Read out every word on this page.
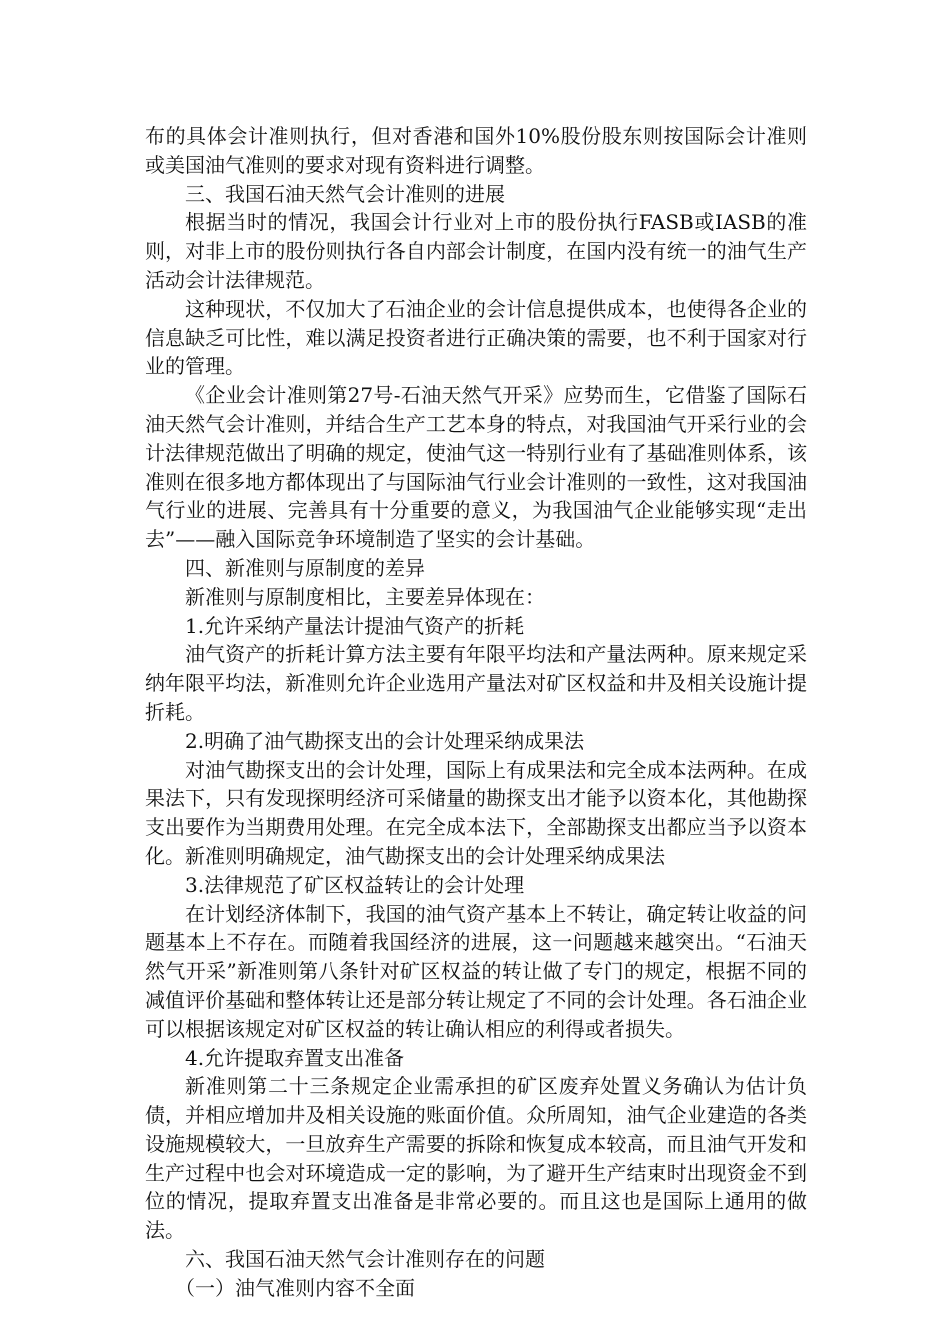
布的具体会计准则执行，但对香港和国外10%股份股东则按国际会计准则或美国油气准则的要求对现有资料进行调整。

三、我国石油天然气会计准则的进展

根据当时的情况，我国会计行业对上市的股份执行FASB或IASB的准则，对非上市的股份则执行各自内部会计制度，在国内没有统一的油气生产活动会计法律规范。

这种现状，不仅加大了石油企业的会计信息提供成本，也使得各企业的信息缺乏可比性，难以满足投资者进行正确决策的需要，也不利于国家对行业的管理。

《企业会计准则第27号-石油天然气开采》应势而生，它借鉴了国际石油天然气会计准则，并结合生产工艺本身的特点，对我国油气开采行业的会计法律规范做出了明确的规定，使油气这一特别行业有了基础准则体系，该准则在很多地方都体现出了与国际油气行业会计准则的一致性，这对我国油气行业的进展、完善具有十分重要的意义，为我国油气企业能够实现“走出去”——融入国际竞争环境制造了坚实的会计基础。

四、新准则与原制度的差异

新准则与原制度相比，主要差异体现在：

1.允许采纳产量法计提油气资产的折耗

油气资产的折耗计算方法主要有年限平均法和产量法两种。原来规定采纳年限平均法，新准则允许企业选用产量法对矿区权益和井及相关设施计提折耗。

2.明确了油气勘探支出的会计处理采纳成果法

对油气勘探支出的会计处理，国际上有成果法和完全成本法两种。在成果法下，只有发现探明经济可采储量的勘探支出才能予以资本化，其他勘探支出要作为当期费用处理。在完全成本法下，全部勘探支出都应当予以资本化。新准则明确规定，油气勘探支出的会计处理采纳成果法

3.法律规范了矿区权益转让的会计处理

在计划经济体制下，我国的油气资产基本上不转让，确定转让收益的问题基本上不存在。而随着我国经济的进展，这一问题越来越突出。“石油天然气开采”新准则第八条针对矿区权益的转让做了专门的规定，根据不同的减值评价基础和整体转让还是部分转让规定了不同的会计处理。各石油企业可以根据该规定对矿区权益的转让确认相应的利得或者损失。

4.允许提取弃置支出准备

新准则第二十三条规定企业需承担的矿区废弃处置义务确认为估计负债，并相应增加井及相关设施的账面价值。众所周知，油气企业建造的各类设施规模较大，一旦放弃生产需要的拆除和恢复成本较高，而且油气开发和生产过程中也会对环境造成一定的影响，为了避开生产结束时出现资金不到位的情况，提取弃置支出准备是非常必要的。而且这也是国际上通用的做法。

六、我国石油天然气会计准则存在的问题

（一）油气准则内容不全面
